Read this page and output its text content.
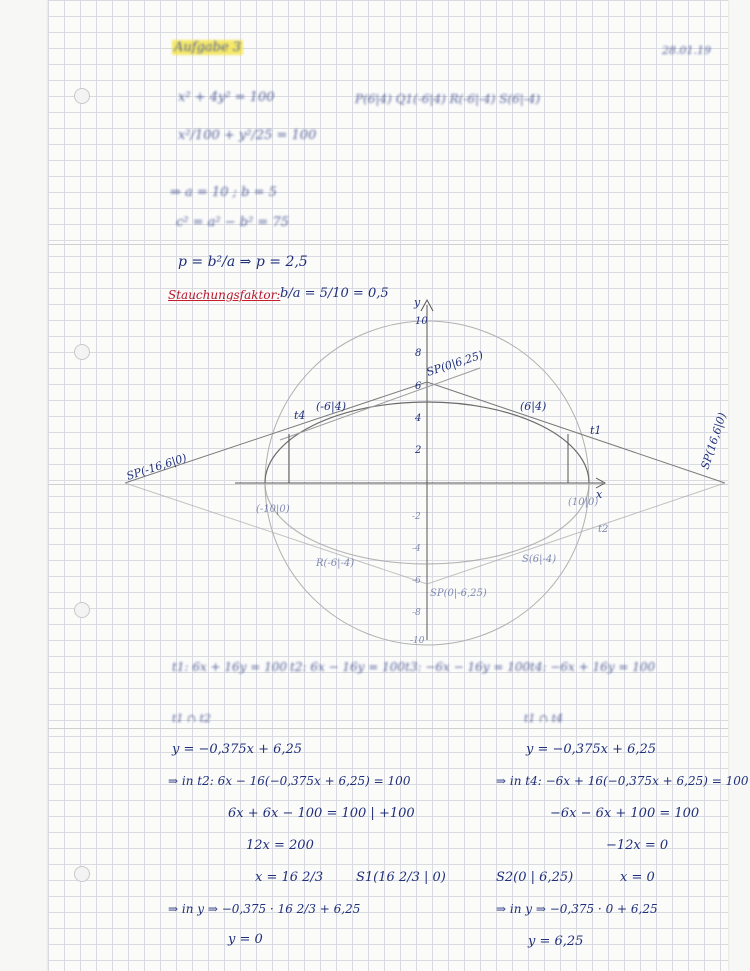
Aufgabe 3	28.01.19
x² + 4y² = 100	P(6|4) Q1(-6|4) R(-6|-4) S(6|-4)
x²/100 + y²/25 = 100
⇒ a = 10 ; b = 5
c² = a² − b² = 75
p = b²/a ⇒ p = 2,5
Stauchungsfaktor: b/a = 5/10 = 0,5
10
8
6
4
2
-2
-4
-6
-8
-10
y
x
SP(0|6,25)
SP(-16,6|0)	SP(16,6|0)
t4
t1
(-6|4)	(6|4)
t2
R(-6|-4)	S(6|-4)
SP(0|-6,25)
(-10|0)
(10|0)
t1: 6x + 16y = 100 t2: 6x − 16y = 100 t3: −6x − 16y = 100 t4: −6x + 16y = 100
t1 ∩ t2
y = −0,375x + 6,25
⇒ in t2: 6x − 16(−0,375x + 6,25) = 100
6x + 6x − 100 = 100 | +100
12x = 200
x = 16 2/3	S1(16 2/3 | 0)
⇒ in y ⇒ −0,375 · 16 2/3 + 6,25
y = 0
t1 ∩ t4
y = −0,375x + 6,25
⇒ in t4: −6x + 16(−0,375x + 6,25) = 100
−6x − 6x + 100 = 100
−12x = 0
S2(0 | 6,25)	x = 0
⇒ in y ⇒ −0,375 · 0 + 6,25
y = 6,25
